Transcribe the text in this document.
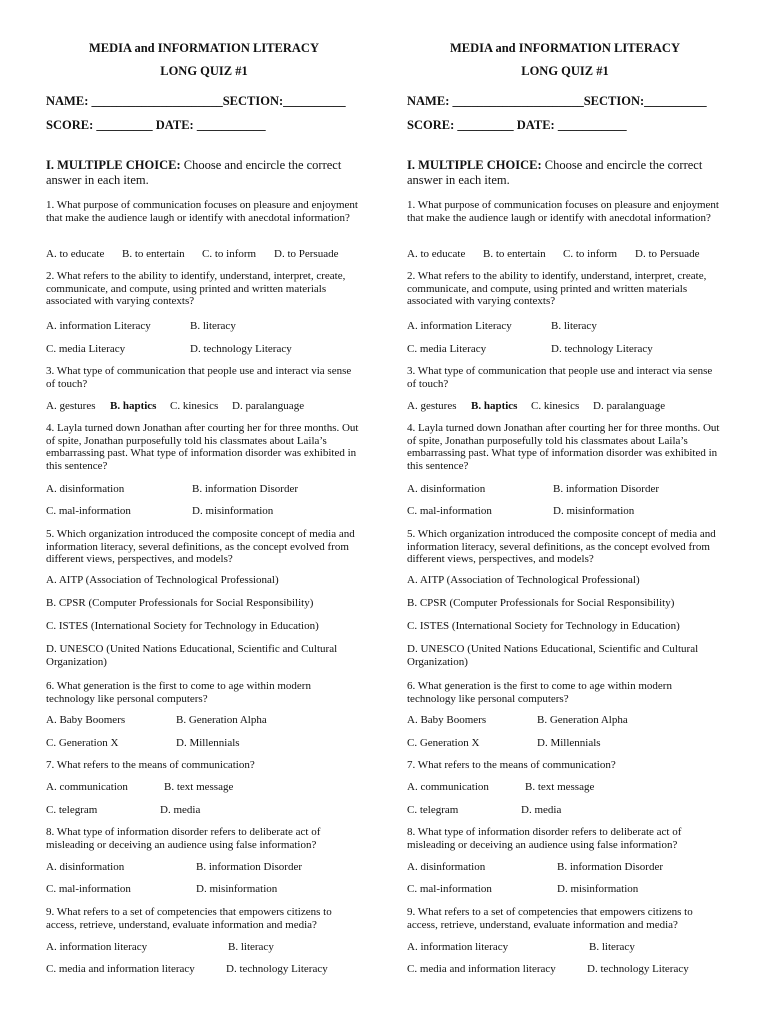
MEDIA and INFORMATION LITERACY
LONG QUIZ #1
NAME: _____________________SECTION:__________
SCORE: _________ DATE: ___________
1. What purpose of communication focuses on pleasure and enjoyment that make the audience laugh or identify with anecdotal information?
A. to educate B. to entertain C. to inform D. to Persuade
2. What refers to the ability to identify, understand, interpret, create, communicate, and compute, using printed and written materials associated with varying contexts?
A. information Literacy	B. literacy
C. media Literacy	D. technology Literacy
3. What type of communication that people use and interact via sense of touch?
A. gestures B. haptics C. kinesics D. paralanguage
4. Layla turned down Jonathan after courting her for three months. Out of spite, Jonathan purposefully told his classmates about Laila’s embarrassing past. What type of information disorder was exhibited in this sentence?
A. disinformation	B. information Disorder
C. mal-information	D. misinformation
5. Which organization introduced the composite concept of media and information literacy, several definitions, as the concept evolved from different views, perspectives, and models?
A. AITP (Association of Technological Professional)
B. CPSR (Computer Professionals for Social Responsibility)
C. ISTES (International Society for Technology in Education)
D. UNESCO (United Nations Educational, Scientific and Cultural Organization)
6. What generation is the first to come to age within modern technology like personal computers?
A. Baby Boomers	B. Generation Alpha
C. Generation X	D. Millennials
7. What refers to the means of communication?
A. communication	B. text message
C. telegram	D. media
8. What type of information disorder refers to deliberate act of misleading or deceiving an audience using false information?
A. disinformation	B. information Disorder
C. mal-information	D. misinformation
9. What refers to a set of competencies that empowers citizens to access, retrieve, understand, evaluate information and media?
A. information literacy	B. literacy
C. media and information literacy	D. technology Literacy
I. MULTIPLE CHOICE: Choose and encircle the correct answer in each item.
MEDIA and INFORMATION LITERACY
LONG QUIZ #1
NAME: _____________________SECTION:__________
SCORE: _________ DATE: ___________
1. What purpose of communication focuses on pleasure and enjoyment that make the audience laugh or identify with anecdotal information?
A. to educate B. to entertain C. to inform D. to Persuade
2. What refers to the ability to identify, understand, interpret, create, communicate, and compute, using printed and written materials associated with varying contexts?
A. information Literacy	B. literacy
C. media Literacy	D. technology Literacy
3. What type of communication that people use and interact via sense of touch?
A. gestures B. haptics C. kinesics D. paralanguage
4. Layla turned down Jonathan after courting her for three months. Out of spite, Jonathan purposefully told his classmates about Laila’s embarrassing past. What type of information disorder was exhibited in this sentence?
A. disinformation	B. information Disorder
C. mal-information	D. misinformation
5. Which organization introduced the composite concept of media and information literacy, several definitions, as the concept evolved from different views, perspectives, and models?
A. AITP (Association of Technological Professional)
B. CPSR (Computer Professionals for Social Responsibility)
C. ISTES (International Society for Technology in Education)
D. UNESCO (United Nations Educational, Scientific and Cultural Organization)
6. What generation is the first to come to age within modern technology like personal computers?
A. Baby Boomers	B. Generation Alpha
C. Generation X	D. Millennials
7. What refers to the means of communication?
A. communication	B. text message
C. telegram	D. media
8. What type of information disorder refers to deliberate act of misleading or deceiving an audience using false information?
A. disinformation	B. information Disorder
C. mal-information	D. misinformation
9. What refers to a set of competencies that empowers citizens to access, retrieve, understand, evaluate information and media?
A. information literacy	B. literacy
C. media and information literacy	D. technology Literacy
I. MULTIPLE CHOICE: Choose and encircle the correct answer in each item.
